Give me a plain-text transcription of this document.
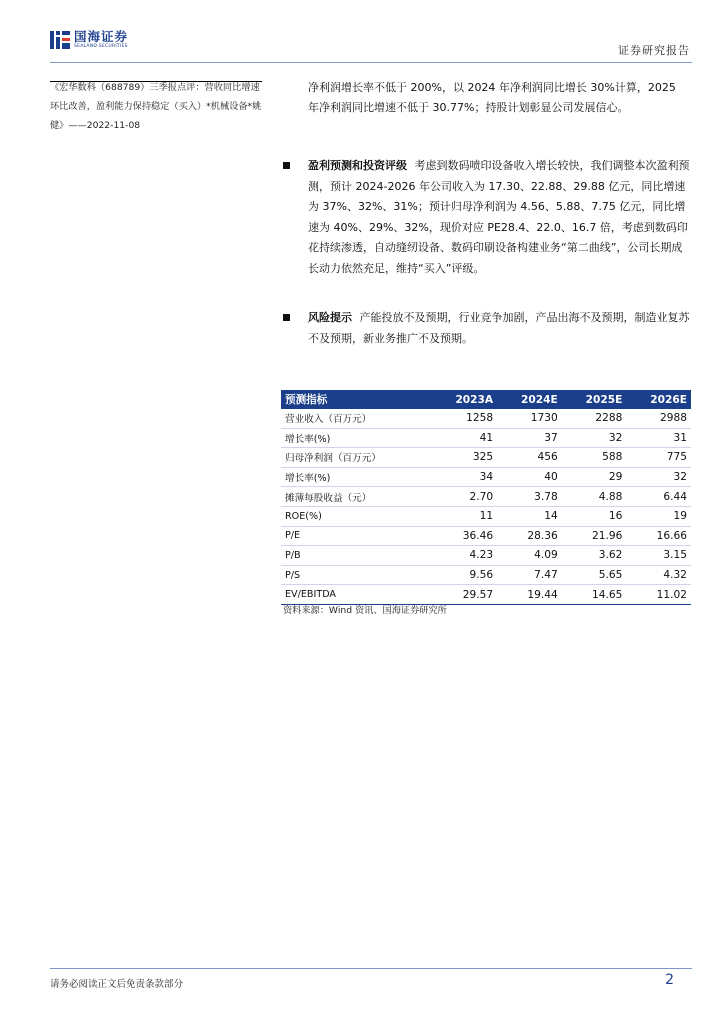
国海证券
SEALAND SECURITIES	证券研究报告
《宏华数科（688789）三季报点评：营收同比增速环比改善，盈利能力保持稳定（买入）*机械设备*姚健》——2022-11-08

净利润增长率不低于 200%，以 2024 年净利润同比增长 30%计算，2025 年净利润同比增速不低于 30.77%；持股计划彰显公司发展信心。

盈利预测和投资评级 考虑到数码喷印设备收入增长较快，我们调整本次盈利预测，预计 2024-2026 年公司收入为 17.30、22.88、29.88 亿元，同比增速为 37%、32%、31%；预计归母净利润为 4.56、5.88、7.75 亿元，同比增速为 40%、29%、32%，现价对应 PE28.4、22.0、16.7 倍，考虑到数码印花持续渗透，自动缝纫设备、数码印刷设备构建业务“第二曲线”，公司长期成长动力依然充足，维持“买入”评级。
风险提示 产能投放不及预期，行业竞争加剧，产品出海不及预期，制造业复苏不及预期，新业务推广不及预期。
预测指标	2023A	2024E	2025E	2026E
营业收入（百万元）	1258	1730	2288	2988
增长率(%)	41	37	32	31
归母净利润（百万元）	325	456	588	775
增长率(%)	34	40	29	32
摊薄每股收益（元）	2.70	3.78	4.88	6.44
ROE(%)	11	14	16	19
P/E	36.46	28.36	21.96	16.66
P/B	4.23	4.09	3.62	3.15
P/S	9.56	7.47	5.65	4.32
EV/EBITDA	29.57	19.44	14.65	11.02
资料来源：Wind 资讯、国海证券研究所
请务必阅读正文后免责条款部分	2
